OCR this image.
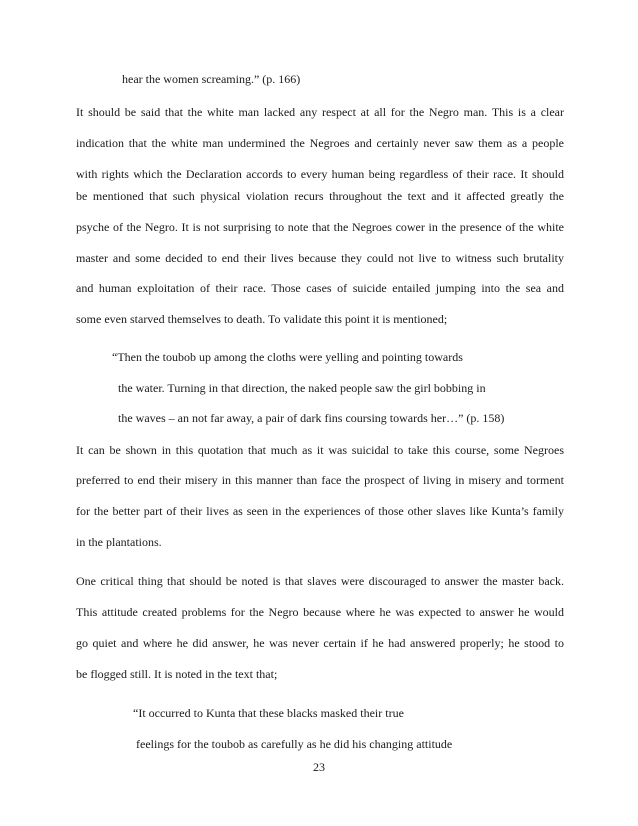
hear the women screaming.” (p. 166)
It should be said that the white man lacked any respect at all for the Negro man. This is a clear
indication that the white man undermined the Negroes and certainly never saw them as a people
with rights which the Declaration accords to every human being regardless of their race. It should
be mentioned that such physical violation recurs throughout the text and it affected greatly the
psyche of the Negro. It is not surprising to note that the Negroes cower in the presence of the white
master and some decided to end their lives because they could not live to witness such brutality
and human exploitation of their race. Those cases of suicide entailed jumping into the sea and
some even starved themselves to death. To validate this point it is mentioned;
“Then the toubob up among the cloths were yelling and pointing towards
the water. Turning in that direction, the naked people saw the girl bobbing in
the waves – an not far away, a pair of dark fins coursing towards her…” (p. 158)
It can be shown in this quotation that much as it was suicidal to take this course, some Negroes
preferred to end their misery in this manner than face the prospect of living in misery and torment
for the better part of their lives as seen in the experiences of those other slaves like Kunta’s family
in the plantations.
One critical thing that should be noted is that slaves were discouraged to answer the master back.
This attitude created problems for the Negro because where he was expected to answer he would
go quiet and where he did answer, he was never certain if he had answered properly; he stood to
be flogged still. It is noted in the text that;
“It occurred to Kunta that these blacks masked their true
feelings for the toubob as carefully as he did his changing attitude
23
